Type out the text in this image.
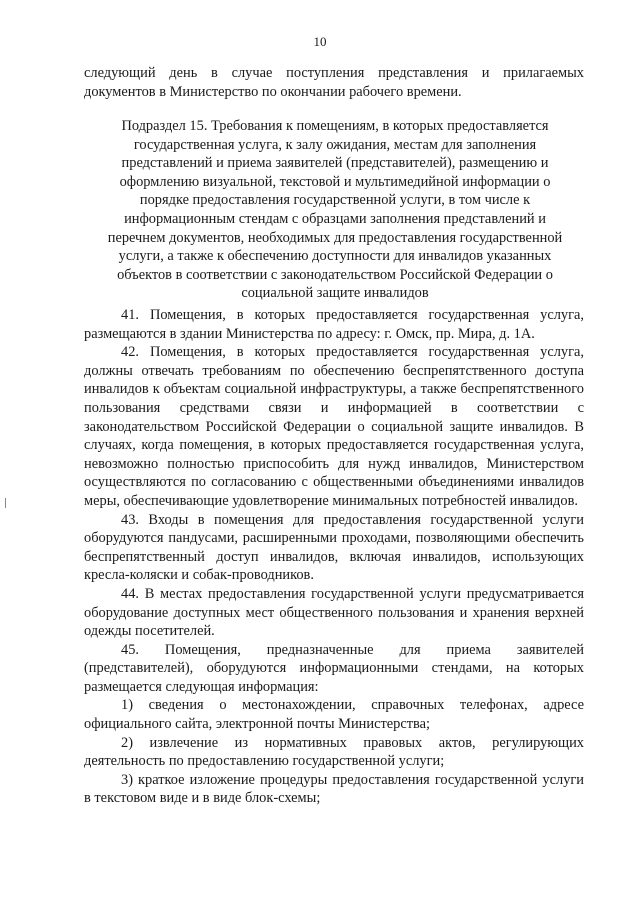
10

следующий день в случае поступления представления и прилагаемых документов в Министерство по окончании рабочего времени.

Подраздел 15. Требования к помещениям, в которых предоставляется государственная услуга, к залу ожидания, местам для заполнения представлений и приема заявителей (представителей), размещению и оформлению визуальной, текстовой и мультимедийной информации о порядке предоставления государственной услуги, в том числе к информационным стендам с образцами заполнения представлений и перечнем документов, необходимых для предоставления государственной услуги, а также к обеспечению доступности для инвалидов указанных объектов в соответствии с законодательством Российской Федерации о социальной защите инвалидов

41. Помещения, в которых предоставляется государственная услуга, размещаются в здании Министерства по адресу: г. Омск, пр. Мира, д. 1А.

42. Помещения, в которых предоставляется государственная услуга, должны отвечать требованиям по обеспечению беспрепятственного доступа инвалидов к объектам социальной инфраструктуры, а также беспрепятственного пользования средствами связи и информацией в соответствии с законодательством Российской Федерации о социальной защите инвалидов. В случаях, когда помещения, в которых предоставляется государственная услуга, невозможно полностью приспособить для нужд инвалидов, Министерством осуществляются по согласованию с общественными объединениями инвалидов меры, обеспечивающие удовлетворение минимальных потребностей инвалидов.

43. Входы в помещения для предоставления государственной услуги оборудуются пандусами, расширенными проходами, позволяющими обеспечить беспрепятственный доступ инвалидов, включая инвалидов, использующих кресла-коляски и собак-проводников.

44. В местах предоставления государственной услуги предусматривается оборудование доступных мест общественного пользования и хранения верхней одежды посетителей.

45. Помещения, предназначенные для приема заявителей (представителей), оборудуются информационными стендами, на которых размещается следующая информация:

1) сведения о местонахождении, справочных телефонах, адресе официального сайта, электронной почты Министерства;

2) извлечение из нормативных правовых актов, регулирующих деятельность по предоставлению государственной услуги;

3) краткое изложение процедуры предоставления государственной услуги в текстовом виде и в виде блок-схемы;
